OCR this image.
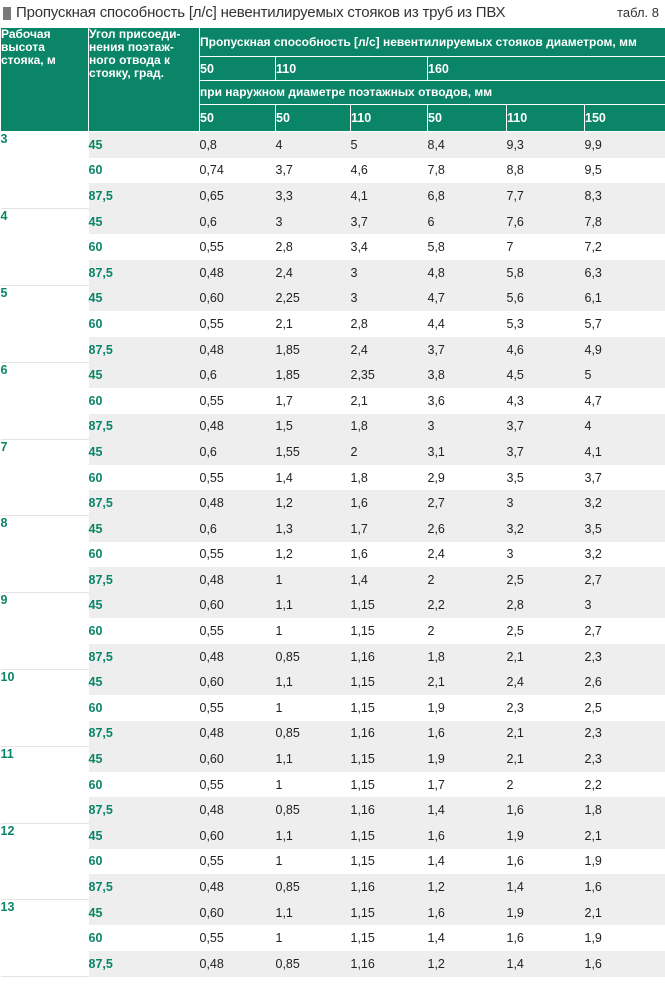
Пропускная способность [л/с] невентилируемых стояков из труб из ПВХ	табл. 8
Рабочая высота стояка, м	Угол присоеди-нения поэтаж-ного отвода к стояку, град.	Пропускная способность [л/с] невентилируемых стояков диаметром, мм					
		50	110		160		
		при наружном диаметре поэтажных отводов, мм					
		50	50	110	50	110	150
3	45	0,8	4	5	8,4	9,3	9,9
	60	0,74	3,7	4,6	7,8	8,8	9,5
	87,5	0,65	3,3	4,1	6,8	7,7	8,3
4	45	0,6	3	3,7	6	7,6	7,8
	60	0,55	2,8	3,4	5,8	7	7,2
	87,5	0,48	2,4	3	4,8	5,8	6,3
5	45	0,60	2,25	3	4,7	5,6	6,1
	60	0,55	2,1	2,8	4,4	5,3	5,7
	87,5	0,48	1,85	2,4	3,7	4,6	4,9
6	45	0,6	1,85	2,35	3,8	4,5	5
	60	0,55	1,7	2,1	3,6	4,3	4,7
	87,5	0,48	1,5	1,8	3	3,7	4
7	45	0,6	1,55	2	3,1	3,7	4,1
	60	0,55	1,4	1,8	2,9	3,5	3,7
	87,5	0,48	1,2	1,6	2,7	3	3,2
8	45	0,6	1,3	1,7	2,6	3,2	3,5
	60	0,55	1,2	1,6	2,4	3	3,2
	87,5	0,48	1	1,4	2	2,5	2,7
9	45	0,60	1,1	1,15	2,2	2,8	3
	60	0,55	1	1,15	2	2,5	2,7
	87,5	0,48	0,85	1,16	1,8	2,1	2,3
10	45	0,60	1,1	1,15	2,1	2,4	2,6
	60	0,55	1	1,15	1,9	2,3	2,5
	87,5	0,48	0,85	1,16	1,6	2,1	2,3
11	45	0,60	1,1	1,15	1,9	2,1	2,3
	60	0,55	1	1,15	1,7	2	2,2
	87,5	0,48	0,85	1,16	1,4	1,6	1,8
12	45	0,60	1,1	1,15	1,6	1,9	2,1
	60	0,55	1	1,15	1,4	1,6	1,9
	87,5	0,48	0,85	1,16	1,2	1,4	1,6
13	45	0,60	1,1	1,15	1,6	1,9	2,1
	60	0,55	1	1,15	1,4	1,6	1,9
	87,5	0,48	0,85	1,16	1,2	1,4	1,6
